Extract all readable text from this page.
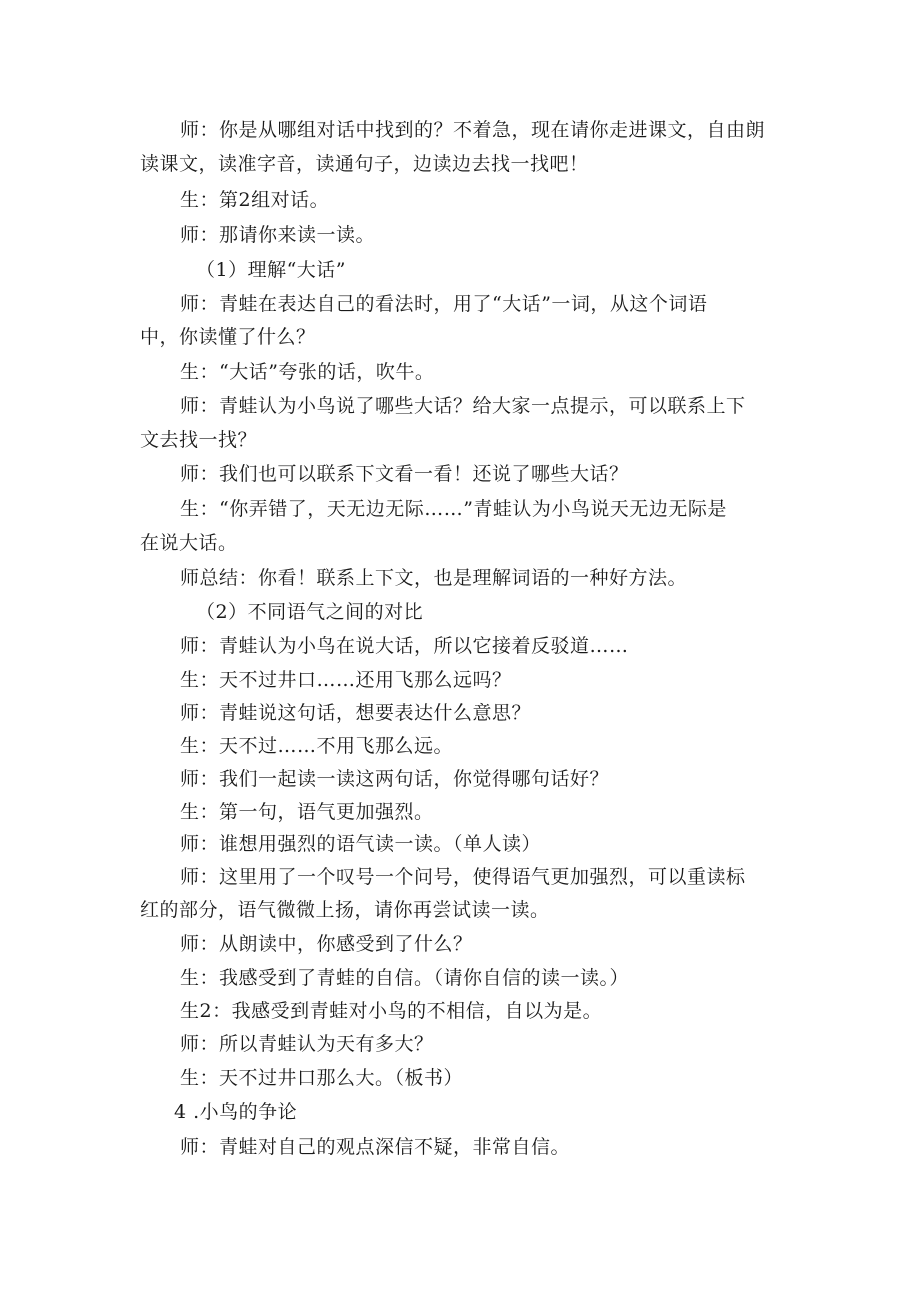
师：你是从哪组对话中找到的？不着急，现在请你走进课文，自由朗
读课文，读准字音，读通句子，边读边去找一找吧！
生：第2组对话。
师：那请你来读一读。
（1）理解“大话”
师：青蛙在表达自己的看法时，用了“大话”一词，从这个词语
中，你读懂了什么？
生：“大话”夸张的话，吹牛。
师：青蛙认为小鸟说了哪些大话？给大家一点提示，可以联系上下
文去找一找？
师：我们也可以联系下文看一看！还说了哪些大话？
生：“你弄错了，天无边无际……”青蛙认为小鸟说天无边无际是
在说大话。
师总结：你看！联系上下文，也是理解词语的一种好方法。
（2）不同语气之间的对比
师：青蛙认为小鸟在说大话，所以它接着反驳道……
生：天不过井口……还用飞那么远吗？
师：青蛙说这句话，想要表达什么意思？
生：天不过……不用飞那么远。
师：我们一起读一读这两句话，你觉得哪句话好？
生：第一句，语气更加强烈。
师：谁想用强烈的语气读一读。（单人读）
师：这里用了一个叹号一个问号，使得语气更加强烈，可以重读标
红的部分，语气微微上扬，请你再尝试读一读。
师：从朗读中，你感受到了什么？
生：我感受到了青蛙的自信。（请你自信的读一读。）
生2：我感受到青蛙对小鸟的不相信，自以为是。
师：所以青蛙认为天有多大？
生：天不过井口那么大。（板书）
4 .小鸟的争论
师：青蛙对自己的观点深信不疑，非常自信。
